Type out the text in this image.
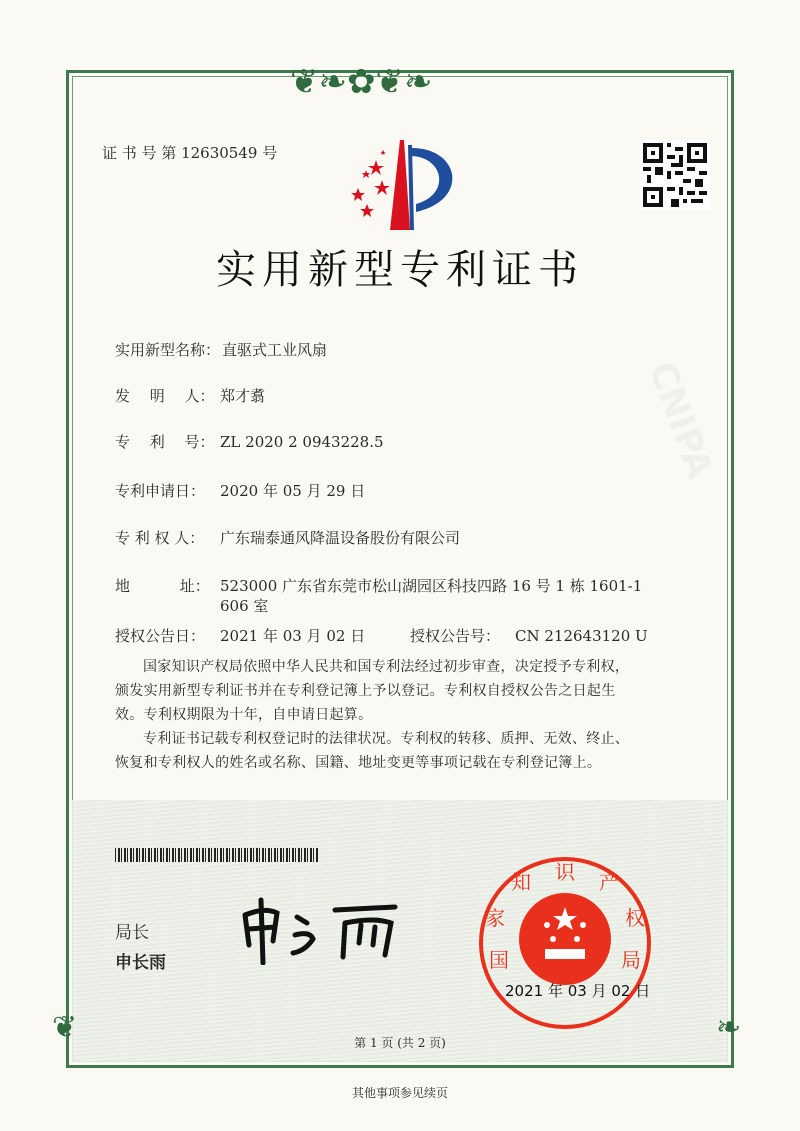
❦❧✿❦❧
❦	❧
证 书 号 第 12630549 号
实用新型专利证书
实用新型名称： 直驱式工业风扇
发　 明　 人： 郑才翥
专　 利　 号： ZL 2020 2 0943228.5
专利申请日： 2020 年 05 月 29 日
专 利 权 人：	广东瑞泰通风降温设备股份有限公司
地　　　 址： 523000 广东省东莞市松山湖园区科技四路 16 号 1 栋 1601-1
606 室
授权公告日： 2021 年 03 月 02 日	授权公告号： CN 212643120 U
国家知识产权局依照中华人民共和国专利法经过初步审查，决定授予专利权，颁发实用新型专利证书并在专利登记簿上予以登记。专利权自授权公告之日起生效。专利权期限为十年，自申请日起算。
专利证书记载专利权登记时的法律状况。专利权的转移、质押、无效、终止、恢复和专利权人的姓名或名称、国籍、地址变更等事项记载在专利登记簿上。
局长
申长雨	国
家
知 识 产
权
局
2021 年 03 月 02 日
第 1 页 (共 2 页)
其他事项参见续页
